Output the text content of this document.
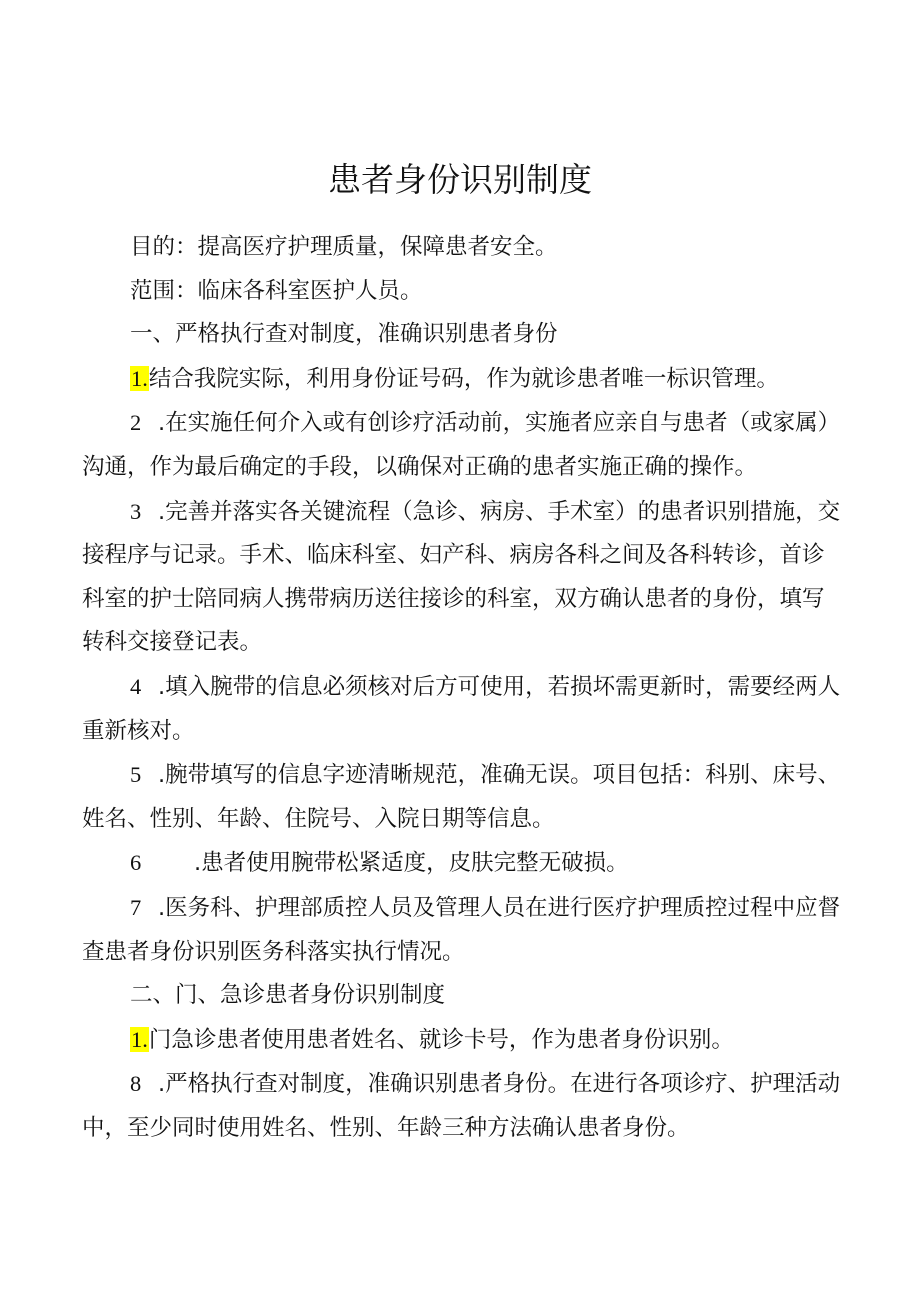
患者身份识别制度

目的：提高医疗护理质量，保障患者安全。

范围：临床各科室医护人员。

一、严格执行查对制度，准确识别患者身份

1.结合我院实际，利用身份证号码，作为就诊患者唯一标识管理。

2 .在实施任何介入或有创诊疗活动前，实施者应亲自与患者（或家属）沟通，作为最后确定的手段，以确保对正确的患者实施正确的操作。

3 .完善并落实各关键流程（急诊、病房、手术室）的患者识别措施，交接程序与记录。手术、临床科室、妇产科、病房各科之间及各科转诊，首诊科室的护士陪同病人携带病历送往接诊的科室，双方确认患者的身份，填写转科交接登记表。

4 .填入腕带的信息必须核对后方可使用，若损坏需更新时，需要经两人重新核对。

5 .腕带填写的信息字迹清晰规范，准确无误。项目包括：科别、床号、姓名、性别、年龄、住院号、入院日期等信息。

6 .患者使用腕带松紧适度，皮肤完整无破损。

7 .医务科、护理部质控人员及管理人员在进行医疗护理质控过程中应督查患者身份识别医务科落实执行情况。

二、门、急诊患者身份识别制度

1.门急诊患者使用患者姓名、就诊卡号，作为患者身份识别。

8 .严格执行查对制度，准确识别患者身份。在进行各项诊疗、护理活动中，至少同时使用姓名、性别、年龄三种方法确认患者身份。
